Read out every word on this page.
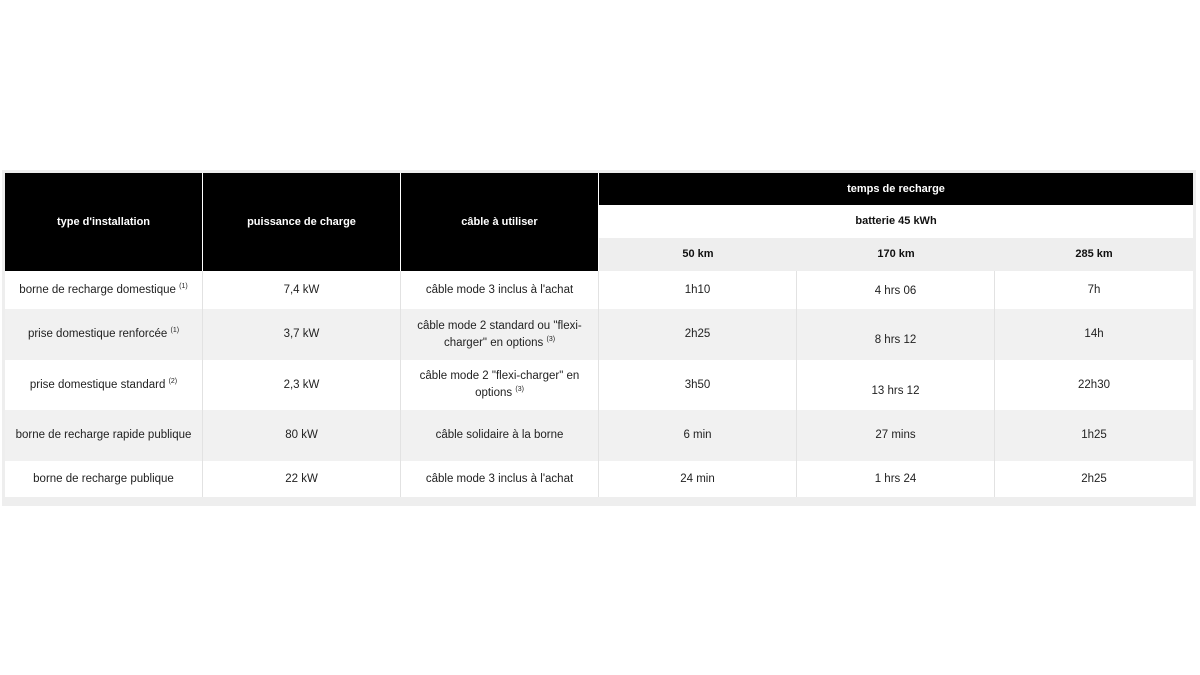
type d'installation	puissance de charge	câble à utiliser	temps de recharge		
			batterie 45 kWh		
			50 km	170 km	285 km
borne de recharge domestique $^{(1)}$	7,4 kW	câble mode 3 inclus à l'achat	1h10	4 hrs 06	7h
prise domestique renforcée $^{(1)}$	3,7 kW	câble mode 2 standard ou "flexi-charger" en options $^{(3)}$	2h25	8 hrs 12	14h
prise domestique standard $^{(2)}$	2,3 kW	câble mode 2 "flexi-charger" en options $^{(3)}$	3h50	13 hrs 12	22h30
borne de recharge rapide publique	80 kW	câble solidaire à la borne	6 min	27 mins	1h25
borne de recharge publique	22 kW	câble mode 3 inclus à l'achat	24 min	1 hrs 24	2h25
